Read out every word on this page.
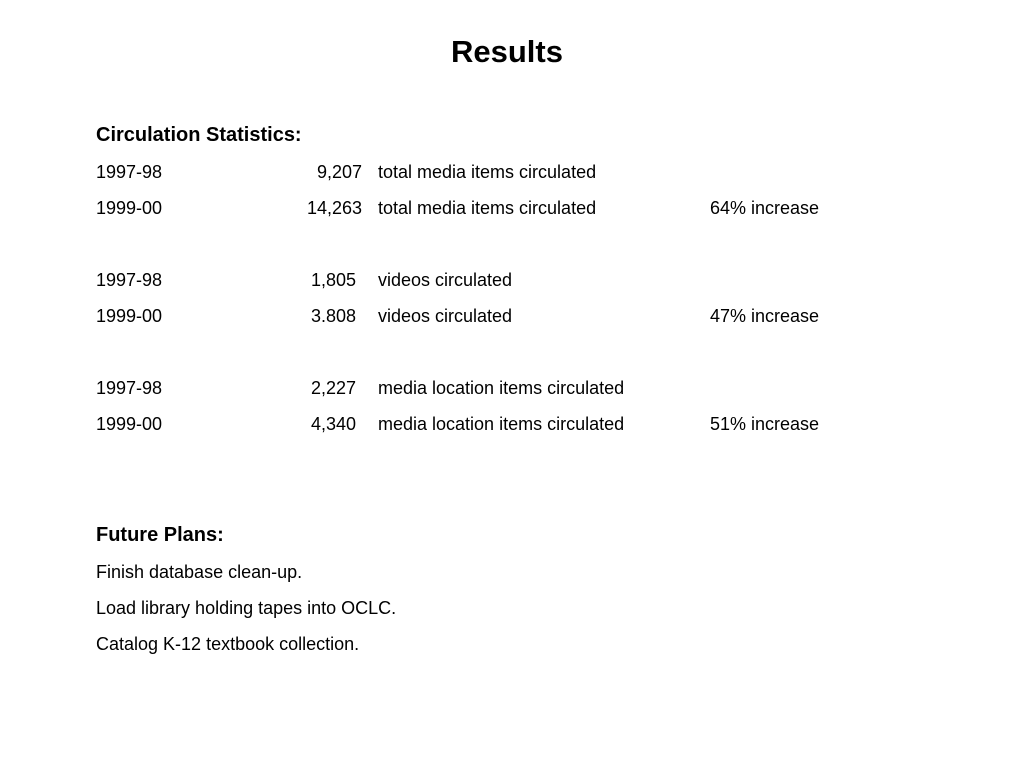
Results
Circulation Statistics:
1997-98	9,207 total media items circulated
1999-00	14,263 total media items circulated	64% increase
1997-98	1,805 videos circulated
1999-00	3.808 videos circulated	47% increase
1997-98	2,227 media location items circulated
1999-00	4,340 media location items circulated	51% increase
Future Plans:
Finish database clean-up.
Load library holding tapes into OCLC.
Catalog K-12 textbook collection.
